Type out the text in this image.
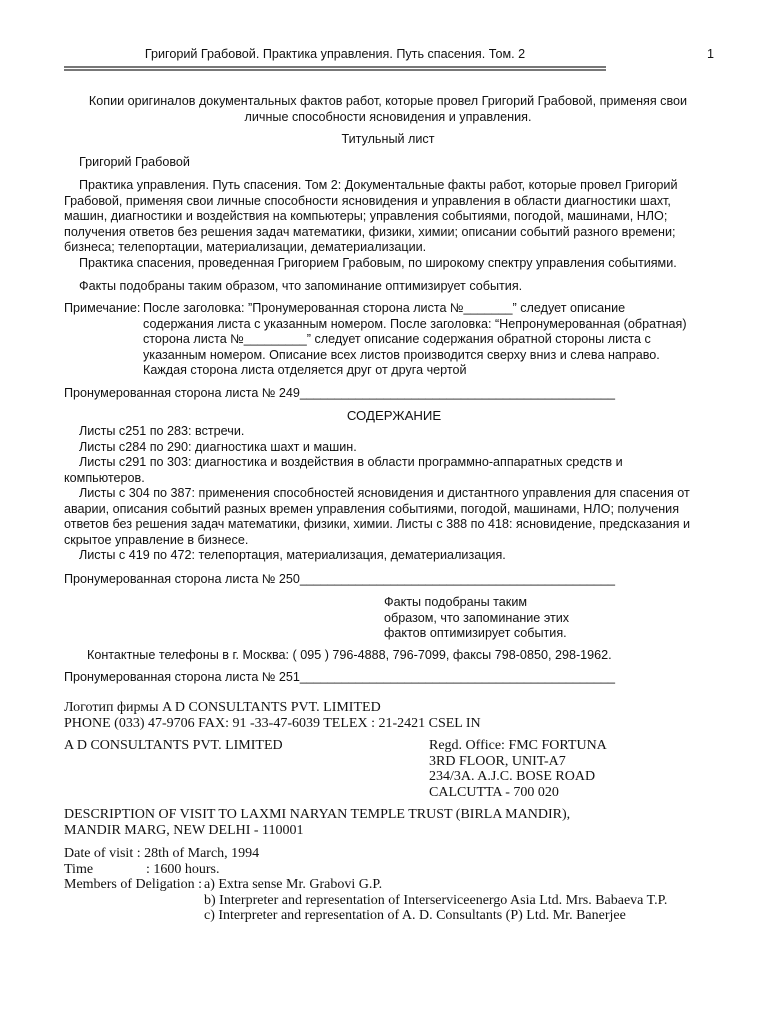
Григорий Грабовой. Практика управления. Путь спасения. Том. 2	1
Копии оригиналов документальных фактов работ, которые провел Григорий Грабовой, применяя свои
личные способности ясновидения и управления.
Титульный лист
Григорий Грабовой
Практика управления. Путь спасения. Том 2: Документальные факты работ, которые провел Григорий
Грабовой, применяя свои личные способности ясновидения и управления в области диагностики шахт,
машин, диагностики и воздействия на компьютеры; управления событиями, погодой, машинами, НЛО;
получения ответов без решения задач математики, физики, химии; описании событий разного времени;
бизнеса; телепортации, материализации, дематериализации.
Практика спасения, проведенная Григорием Грабовым, по широкому спектру управления событиями.
Факты подобраны таким образом, что запоминание оптимизирует события.
Примечание: После заголовка: ”Пронумерованная сторона листа №_______” следует описание
содержания листа с указанным номером. После заголовка: “Непронумерованная (обратная)
сторона листа №_________” следует описание содержания обратной стороны листа с
указанным номером. Описание всех листов производится сверху вниз и слева направо.
Каждая сторона листа отделяется друг от друга чертой
Пронумерованная сторона листа № 249_____________________________________________
СОДЕРЖАНИЕ
Листы с251 по 283: встречи.
Листы с284 по 290: диагностика шахт и машин.
Листы с291 по 303: диагностика и воздействия в области программно-аппаратных средств и
компьютеров.
Листы с 304 по 387: применения способностей ясновидения и дистантного управления для спасения от
аварии, описания событий разных времен управления событиями, погодой, машинами, НЛО; получения
ответов без решения задач математики, физики, химии. Листы с 388 по 418: ясновидение, предсказания и
скрытое управление в бизнесе.
Листы с 419 по 472: телепортация, материализация, дематериализация.
Пронумерованная сторона листа № 250_____________________________________________
Факты подобраны таким
образом, что запоминание этих
фактов оптимизирует события.
Контактные телефоны в г. Москва: ( 095 ) 796-4888, 796-7099, факсы 798-0850, 298-1962.
Пронумерованная сторона листа № 251_____________________________________________
Логотип фирмы A D CONSULTANTS PVT. LIMITED
PHONE (033) 47-9706 FAX: 91 -33-47-6039 TELEX : 21-2421 CSEL IN
A D CONSULTANTS PVT. LIMITED	Regd. Office: FMC FORTUNA
3RD FLOOR, UNIT-A7
234/3A. A.J.C. BOSE ROAD
CALCUTTA - 700 020
DESCRIPTION OF VISIT TO LAXMI NARYAN TEMPLE TRUST (BIRLA MANDIR),
MANDIR MARG, NEW DELHI - 110001
Date of visit : 28th of March, 1994
Time	: 1600 hours.
Members of Deligation : a) Extra sense Mr. Grabovi G.P.
b) Interpreter and representation of Interserviceenergo Asia Ltd. Mrs. Babaeva T.P.
c) Interpreter and representation of A. D. Consultants (P) Ltd. Mr. Banerjee
